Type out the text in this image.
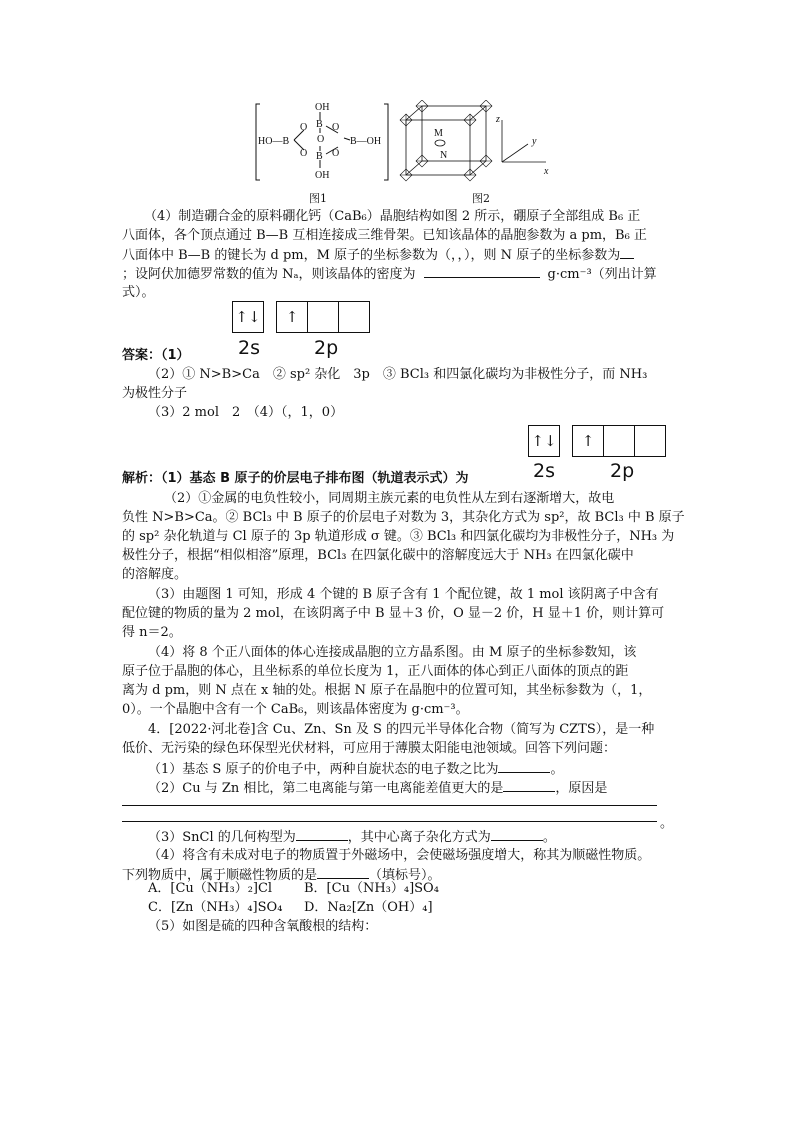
OH
B
O O
O
HO—B	B—OH
O O
B
OH
图1
M
N
z
y
x
图2
（4）制造硼合金的原料硼化钙（CaB₆）晶胞结构如图 2 所示，硼原子全部组成 B₆ 正
八面体，各个顶点通过 B—B 互相连接成三维骨架。已知该晶体的晶胞参数为 a pm，B₆ 正
八面体中 B—B 的键长为 d pm，M 原子的坐标参数为（，，），则 N 原子的坐标参数为
；设阿伏加德罗常数的值为 Nₐ，则该晶体的密度为	g·cm⁻³（列出计算
式）。
↑↓	↑
2s	2p
答案：（1）
（2）① N>B>Ca　② sp² 杂化　3p　③ BCl₃ 和四氯化碳均为非极性分子，而 NH₃
为极性分子
（3）2 mol　2　（4）（，1，0）
↑↓	↑
2s	2p
解析：（1）基态 B 原子的价层电子排布图（轨道表示式）为
（2）①金属的电负性较小，同周期主族元素的电负性从左到右逐渐增大，故电
负性 N>B>Ca。② BCl₃ 中 B 原子的价层电子对数为 3，其杂化方式为 sp²，故 BCl₃ 中 B 原子
的 sp² 杂化轨道与 Cl 原子的 3p 轨道形成 σ 键。③ BCl₃ 和四氯化碳均为非极性分子，NH₃ 为
极性分子，根据“相似相溶”原理，BCl₃ 在四氯化碳中的溶解度远大于 NH₃ 在四氯化碳中
的溶解度。
（3）由题图 1 可知，形成 4 个键的 B 原子含有 1 个配位键，故 1 mol 该阴离子中含有
配位键的物质的量为 2 mol，在该阴离子中 B 显＋3 价，O 显－2 价，H 显＋1 价，则计算可
得 n＝2。
（4）将 8 个正八面体的体心连接成晶胞的立方晶系图。由 M 原子的坐标参数知，该
原子位于晶胞的体心，且坐标系的单位长度为 1，正八面体的体心到正八面体的顶点的距
离为 d pm，则 N 点在 x 轴的处。根据 N 原子在晶胞中的位置可知，其坐标参数为（，1，
0）。一个晶胞中含有一个 CaB₆，则该晶体密度为 g·cm⁻³。
4．[2022·河北卷]含 Cu、Zn、Sn 及 S 的四元半导体化合物（简写为 CZTS），是一种
低价、无污染的绿色环保型光伏材料，可应用于薄膜太阳能电池领域。回答下列问题：
（1）基态 S 原子的价电子中，两种自旋状态的电子数之比为	。
（2）Cu 与 Zn 相比，第二电离能与第一电离能差值更大的是	，原因是
。
（3）SnCl 的几何构型为	，其中心离子杂化方式为	。
（4）将含有未成对电子的物质置于外磁场中，会使磁场强度增大，称其为顺磁性物质。
下列物质中，属于顺磁性物质的是	（填标号）。
A．[Cu（NH₃）₂]Cl B．[Cu（NH₃）₄]SO₄
C．[Zn（NH₃）₄]SO₄ D．Na₂[Zn（OH）₄]
（5）如图是硫的四种含氧酸根的结构：
